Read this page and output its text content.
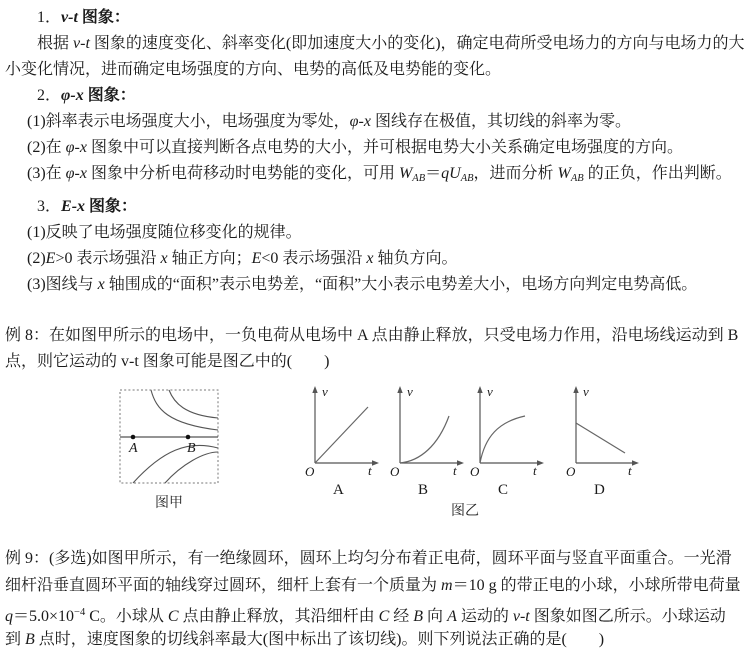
1．v-t 图象：
根据 v-t 图象的速度变化、斜率变化(即加速度大小的变化)，确定电荷所受电场力的方向与电场力的大
小变化情况，进而确定电场强度的方向、电势的高低及电势能的变化。
2．φ-x 图象：
(1)斜率表示电场强度大小，电场强度为零处，φ-x 图线存在极值，其切线的斜率为零。
(2)在 φ-x 图象中可以直接判断各点电势的大小，并可根据电势大小关系确定电场强度的方向。
(3)在 φ-x 图象中分析电荷移动时电势能的变化，可用 WAB＝qUAB，进而分析 WAB 的正负，作出判断。
3．E-x 图象：
(1)反映了电场强度随位移变化的规律。
(2)E>0 表示场强沿 x 轴正方向；E<0 表示场强沿 x 轴负方向。
(3)图线与 x 轴围成的“面积”表示电势差，“面积”大小表示电势差大小，电场方向判定电势高低。
例 8：在如图甲所示的电场中，一负电荷从电场中 A 点由静止释放，只受电场力作用，沿电场线运动到 B
点，则它运动的 v-t 图象可能是图乙中的(　　)
A	B
图甲
v
t
O
A
v
t
O
B
v
t
O
C
v
t
O
D
图乙
例 9：(多选)如图甲所示，有一绝缘圆环，圆环上均匀分布着正电荷，圆环平面与竖直平面重合。一光滑
细杆沿垂直圆环平面的轴线穿过圆环，细杆上套有一个质量为 m＝10 g 的带正电的小球，小球所带电荷量
$q=5.0\times 10^{-4}$ C。小球从 C 点由静止释放，其沿细杆由 C 经 B 向 A 运动的 v-t 图象如图乙所示。小球运动
到 B 点时，速度图象的切线斜率最大(图中标出了该切线)。则下列说法正确的是(　　)
